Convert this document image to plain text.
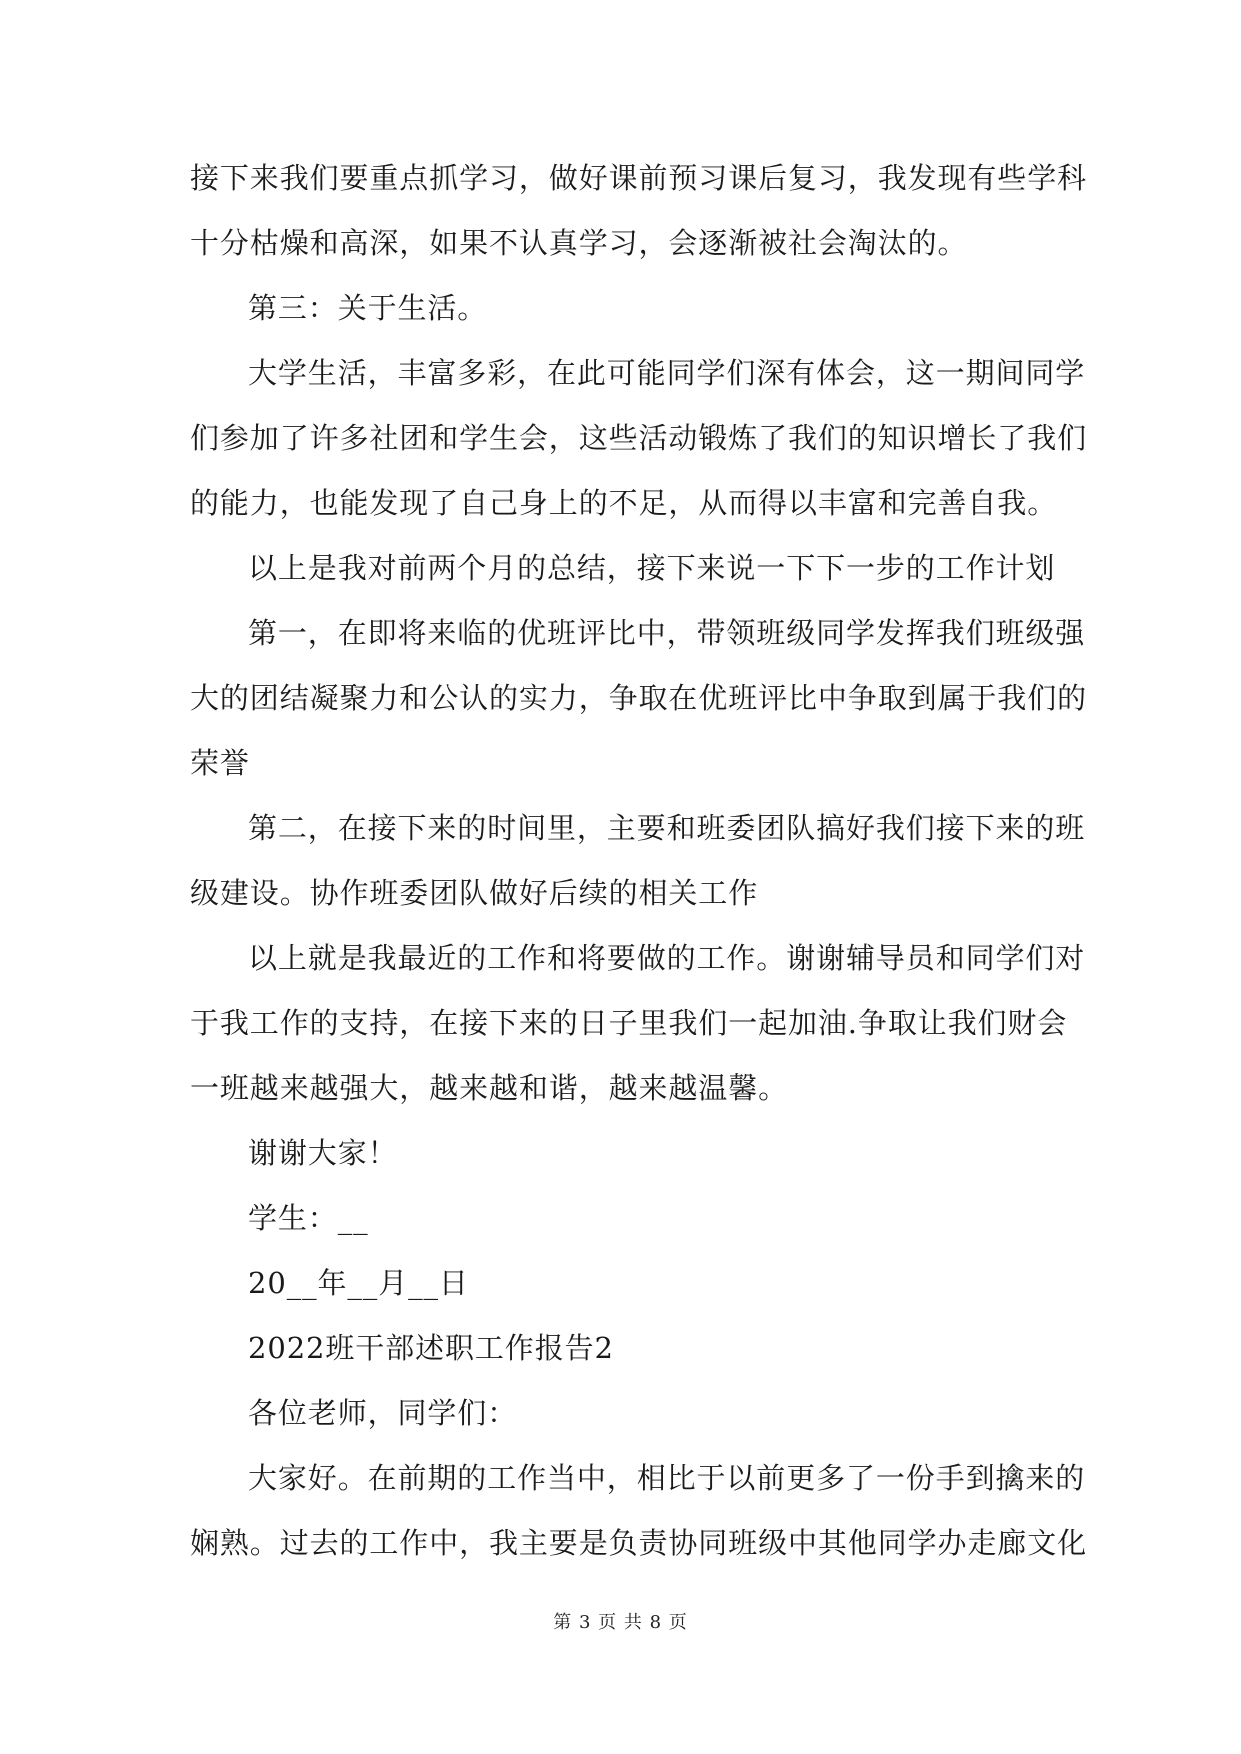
接下来我们要重点抓学习，做好课前预习课后复习，我发现有些学科
十分枯燥和高深，如果不认真学习，会逐渐被社会淘汰的。
第三：关于生活。
大学生活，丰富多彩，在此可能同学们深有体会，这一期间同学
们参加了许多社团和学生会，这些活动锻炼了我们的知识增长了我们
的能力，也能发现了自己身上的不足，从而得以丰富和完善自我。
以上是我对前两个月的总结，接下来说一下下一步的工作计划
第一，在即将来临的优班评比中，带领班级同学发挥我们班级强
大的团结凝聚力和公认的实力，争取在优班评比中争取到属于我们的
荣誉
第二，在接下来的时间里，主要和班委团队搞好我们接下来的班
级建设。协作班委团队做好后续的相关工作
以上就是我最近的工作和将要做的工作。谢谢辅导员和同学们对
于我工作的支持，在接下来的日子里我们一起加油.争取让我们财会
一班越来越强大，越来越和谐，越来越温馨。
谢谢大家！
学生：__
20__年__月__日
2022班干部述职工作报告2
各位老师，同学们：
大家好。在前期的工作当中，相比于以前更多了一份手到擒来的
娴熟。过去的工作中，我主要是负责协同班级中其他同学办走廊文化
第 3 页 共 8 页
